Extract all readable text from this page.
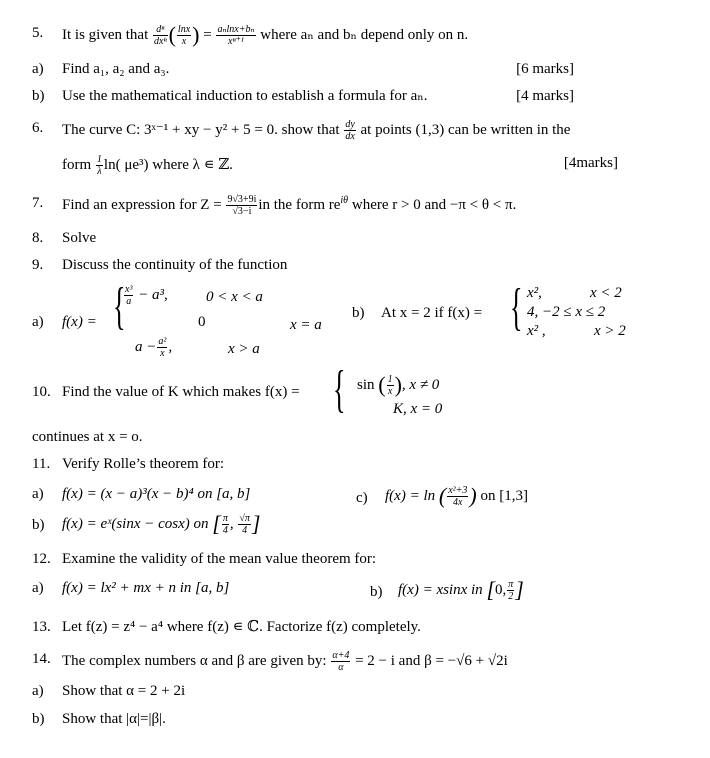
5. It is given that $\frac{\text{dⁿ}}{\text{dxⁿ}}$ ( $\frac{\ln x}{x}$ ) = $\frac{\text{aₙlnx+bₙ}}{\text{xⁿ⁺¹}}$ where aₙ and bₙ depend only on n.
a) Find a₁, a₂ and a₃.	[6 marks]
b) Use the mathematical induction to establish a formula for aₙ.	[4 marks]
6. The curve C: 3ˣ⁻¹ + xy − y² + 5 = 0. show that $\frac{dy}{dx}$ at points (1,3) can be written in the
form $\frac{1}{\lambda} \ln$( μe³) where λ ∊ ℤ.	[4marks]
7. Find an expression for $Z = \frac{9√3+9i}{√3-i}$ in the form $re^{i\theta}$ where r > 0 and −π < θ < π.
8. Solve
9. Discuss the continuity of the function
a) f(x) = {
$\frac{\text{x³}}{a} - a^3$,	0 < x < a
0	x = a
$a - \frac{\text{a²}}{x}$ ,	x > a
b) At x = 2 if f(x) = { x²,	x < 2
4, −2 ≤ x ≤ 2
x² ,	x > 2
10. Find the value of K which makes f(x) = { sin ( $\frac{1}{x}$ ), x ≠ 0
K, x = 0
continues at x = o.
11. Verify Rolle’s theorem for:
a) f(x) = (x − a)³(x − b)⁴ on [a, b]	c) f(x) = ln ( $\frac{\text{x²+3}}{4x}$ ) on [1,3]
b) f(x) = eˣ(sinx − cosx) on [ $\frac{\pi}{4}$ , $\frac{√\pi}{4}$ ]
12. Examine the validity of the mean value theorem for:
a) f(x) = lx² + mx + n in [a, b]	b) f(x) = xsinx in [0, $\frac{\pi}{2}$ ]
13. Let f(z) = z⁴ − a⁴ where f(z) ∊ ℂ. Factorize f(z) completely.
14. The complex numbers α and β are given by: $\frac{\alpha+4}{\alpha} = 2 - i$ and β = −√6 + √2i
a) Show that α = 2 + 2i
b) Show that |α|=|β|.
